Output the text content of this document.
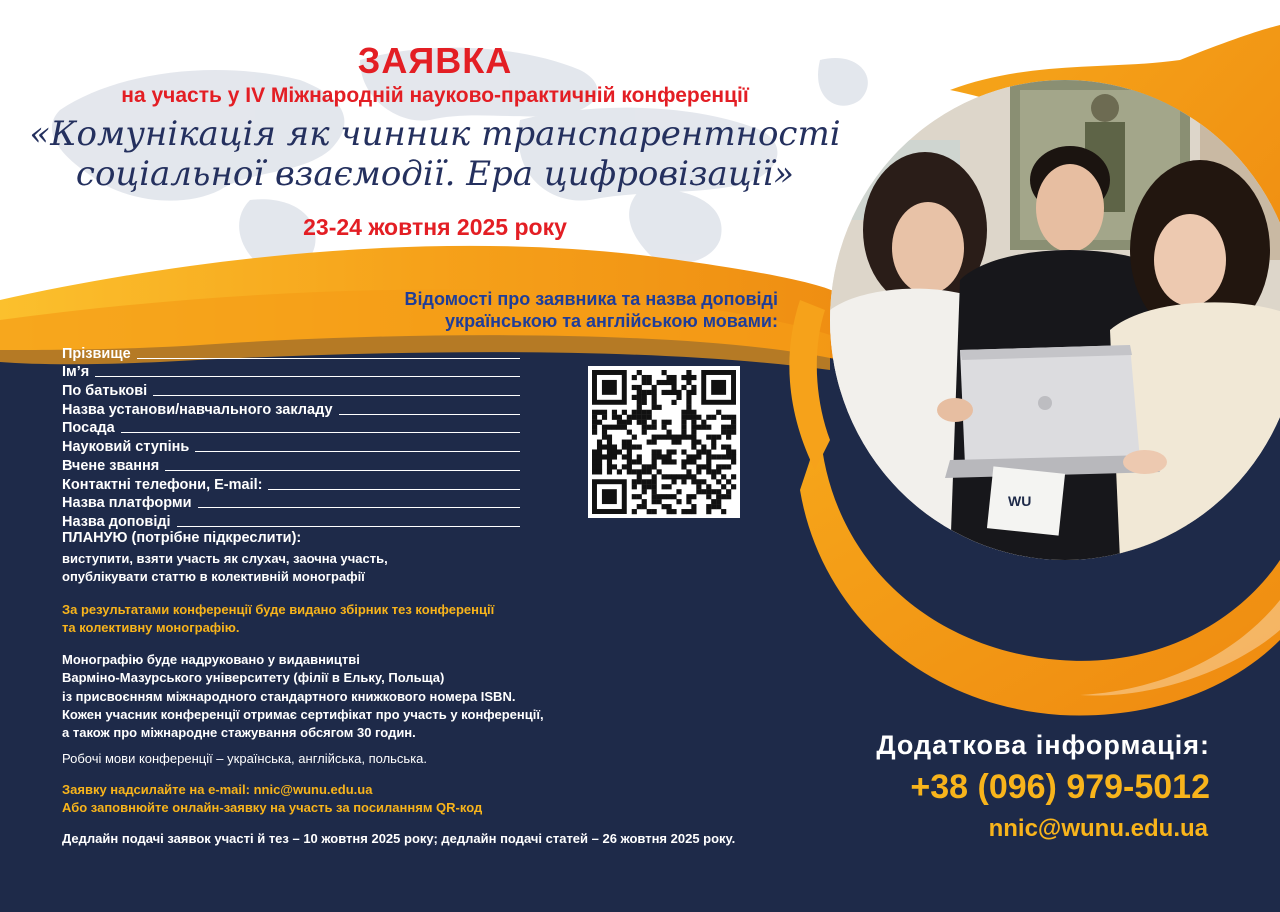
ЗАЯВКА

на участь у IV Міжнародній науково-практичній конференції

«Комунікація як чинник транспарентності
соціальної взаємодії. Ера цифровізації»

23-24 жовтня 2025 року

Відомості про заявника та назва доповіді
українською та англійською мовами:
Прізвище
Ім’я
По батькові
Назва установи/навчального закладу
Посада
Науковий ступінь
Вчене звання
Контактні телефони, E-mail:
Назва платформи
Назва доповіді
ПЛАНУЮ (потрібне підкреслити):
виступити, взяти участь як слухач, заочна участь,
опублікувати статтю в колективній монографії
За результатами конференції буде видано збірник тез конференції
та колективну монографію.
Монографію буде надруковано у видавництві
Вармінo-Мазурського університету (філії в Ельку, Польща)
із присвоєнням міжнародного стандартного книжкового номера ISBN.
Кожен учасник конференції отримає сертифікат про участь у конференції,
а також про міжнародне стажування обсягом 30 годин.
Робочі мови конференції – українська, англійська, польська.
Заявку надсилайте на e-mail: nnic@wunu.edu.ua
Або заповнюйте онлайн-заявку на участь за посиланням QR-код
Дедлайн подачі заявок участі й тез – 10 жовтня 2025 року; дедлайн подачі статей – 26 жовтня 2025 року.
WU

Додаткова інформація:

+38 (096) 979-5012

nnic@wunu.edu.ua
